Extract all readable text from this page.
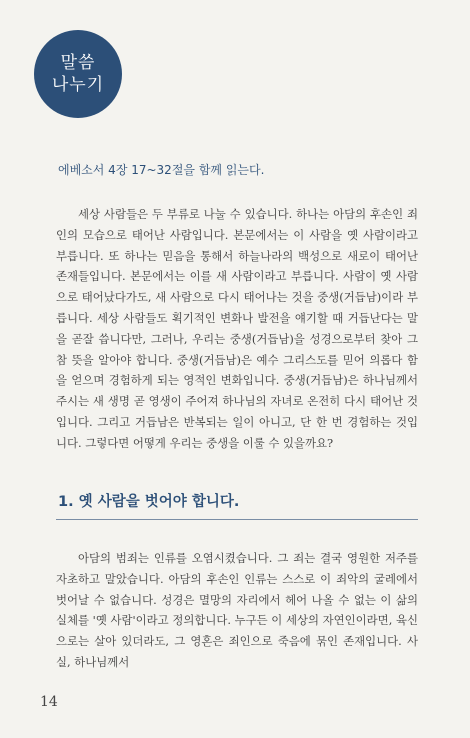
말씀
나누기
에베소서 4장 17~32절을 함께 읽는다.

세상 사람들은 두 부류로 나눌 수 있습니다. 하나는 아담의 후손인 죄인의 모습으로 태어난 사람입니다. 본문에서는 이 사람을 옛 사람이라고 부릅니다. 또 하나는 믿음을 통해서 하늘나라의 백성으로 새로이 태어난 존재들입니다. 본문에서는 이를 새 사람이라고 부릅니다. 사람이 옛 사람으로 태어났다가도, 새 사람으로 다시 태어나는 것을 중생(거듭남)이라 부릅니다. 세상 사람들도 획기적인 변화나 발전을 얘기할 때 거듭난다는 말을 곧잘 씁니다만, 그러나, 우리는 중생(거듭남)을 성경으로부터 찾아 그 참 뜻을 알아야 합니다. 중생(거듭남)은 예수 그리스도를 믿어 의롭다 함을 얻으며 경험하게 되는 영적인 변화입니다. 중생(거듭남)은 하나님께서 주시는 새 생명 곧 영생이 주어져 하나님의 자녀로 온전히 다시 태어난 것입니다. 그리고 거듭남은 반복되는 일이 아니고, 단 한 번 경험하는 것입니다. 그렇다면 어떻게 우리는 중생을 이룰 수 있을까요?

1. 옛 사람을 벗어야 합니다.

아담의 범죄는 인류를 오염시켰습니다. 그 죄는 결국 영원한 저주를 자초하고 말았습니다. 아담의 후손인 인류는 스스로 이 죄악의 굴레에서 벗어날 수 없습니다. 성경은 멸망의 자리에서 헤어 나올 수 없는 이 삶의 실체를 '옛 사람'이라고 정의합니다. 누구든 이 세상의 자연인이라면, 육신으로는 살아 있더라도, 그 영혼은 죄인으로 죽음에 묶인 존재입니다. 사실, 하나님께서

14
